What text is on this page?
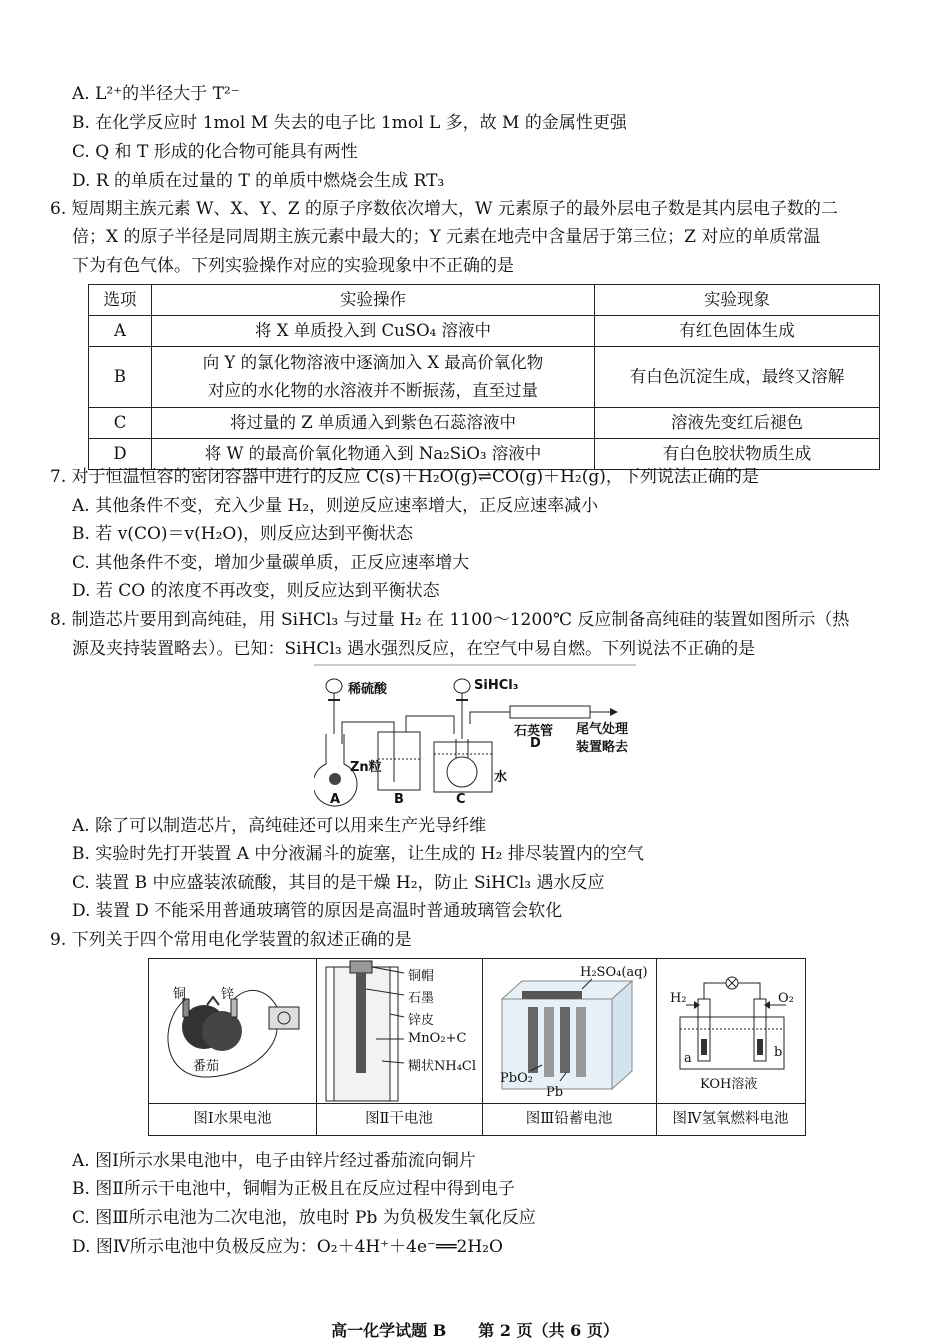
A. L²⁺的半径大于 T²⁻
B. 在化学反应时 1mol M 失去的电子比 1mol L 多，故 M 的金属性更强
C. Q 和 T 形成的化合物可能具有两性
D. R 的单质在过量的 T 的单质中燃烧会生成 RT₃
6. 短周期主族元素 W、X、Y、Z 的原子序数依次增大，W 元素原子的最外层电子数是其内层电子数的二
倍；X 的原子半径是同周期主族元素中最大的；Y 元素在地壳中含量居于第三位；Z 对应的单质常温
下为有色气体。下列实验操作对应的实验现象中不正确的是
选项	实验操作	实验现象
A	将 X 单质投入到 CuSO₄ 溶液中	有红色固体生成
B	向 Y 的氯化物溶液中逐滴加入 X 最高价氧化物
对应的水化物的水溶液并不断振荡，直至过量	有白色沉淀生成，最终又溶解
C	将过量的 Z 单质通入到紫色石蕊溶液中	溶液先变红后褪色
D	将 W 的最高价氧化物通入到 Na₂SiO₃ 溶液中	有白色胶状物质生成
7. 对于恒温恒容的密闭容器中进行的反应 C(s)＋H₂O(g)⇌CO(g)＋H₂(g)，下列说法正确的是
A. 其他条件不变，充入少量 H₂，则逆反应速率增大，正反应速率减小
B. 若 v(CO)＝v(H₂O)，则反应达到平衡状态
C. 其他条件不变，增加少量碳单质，正反应速率增大
D. 若 CO 的浓度不再改变，则反应达到平衡状态
8. 制造芯片要用到高纯硅，用 SiHCl₃ 与过量 H₂ 在 1100～1200℃ 反应制备高纯硅的装置如图所示（热
源及夹持装置略去）。已知：SiHCl₃ 遇水强烈反应，在空气中易自燃。下列说法不正确的是
稀硫酸	SiHCl₃
Zn粒
水
石英管
D
尾气处理
装置略去
A	B	C
A. 除了可以制造芯片，高纯硅还可以用来生产光导纤维
B. 实验时先打开装置 A 中分液漏斗的旋塞，让生成的 H₂ 排尽装置内的空气
C. 装置 B 中应盛装浓硫酸，其目的是干燥 H₂，防止 SiHCl₃ 遇水反应
D. 装置 D 不能采用普通玻璃管的原因是高温时普通玻璃管会软化
9. 下列关于四个常用电化学装置的叙述正确的是
铜	锌
番茄
铜帽
石墨
锌皮
MnO₂+C
糊状NH₄Cl
H₂SO₄(aq)
PbO₂
Pb
H₂	O₂
a	b
KOH溶液
图Ⅰ水果电池	图Ⅱ干电池	图Ⅲ铅蓄电池	图Ⅳ氢氧燃料电池
A. 图Ⅰ所示水果电池中，电子由锌片经过番茄流向铜片
B. 图Ⅱ所示干电池中，铜帽为正极且在反应过程中得到电子
C. 图Ⅲ所示电池为二次电池，放电时 Pb 为负极发生氧化反应
D. 图Ⅳ所示电池中负极反应为：O₂＋4H⁺＋4e⁻══2H₂O
高一化学试题 B　　第 2 页（共 6 页）
